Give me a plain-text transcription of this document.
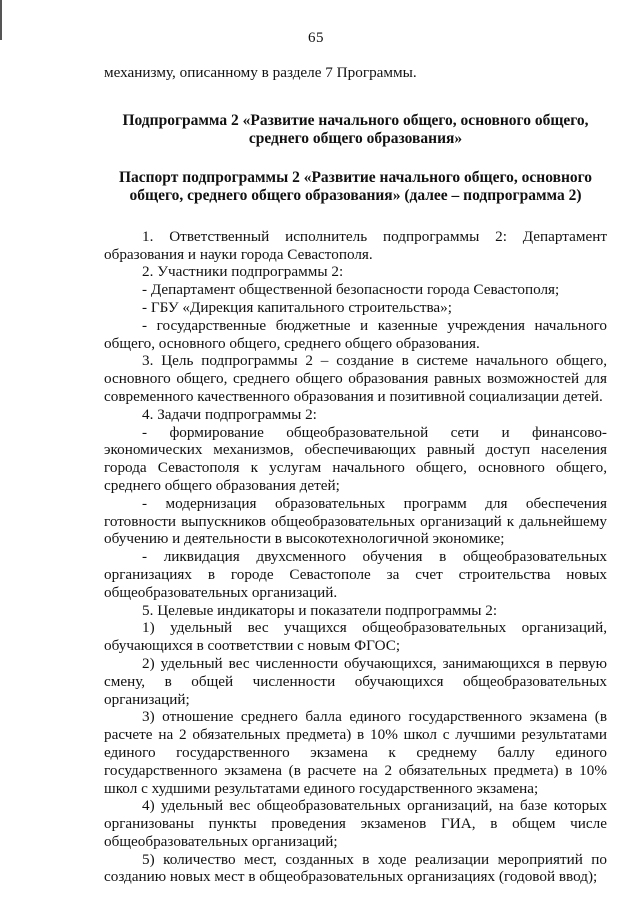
65

механизму, описанному в разделе 7 Программы.

Подпрограмма 2 «Развитие начального общего, основного общего, среднего общего образования»

Паспорт подпрограммы 2 «Развитие начального общего, основного общего, среднего общего образования» (далее – подпрограмма 2)

1. Ответственный исполнитель подпрограммы 2: Департамент образования и науки города Севастополя.

2. Участники подпрограммы 2:

- Департамент общественной безопасности города Севастополя;

- ГБУ «Дирекция капитального строительства»;

- государственные бюджетные и казенные учреждения начального общего, основного общего, среднего общего образования.

3. Цель подпрограммы 2 – создание в системе начального общего, основного общего, среднего общего образования равных возможностей для современного качественного образования и позитивной социализации детей.

4. Задачи подпрограммы 2:

- формирование общеобразовательной сети и финансово-экономических механизмов, обеспечивающих равный доступ населения города Севастополя к услугам начального общего, основного общего, среднего общего образования детей;

- модернизация образовательных программ для обеспечения готовности выпускников общеобразовательных организаций к дальнейшему обучению и деятельности в высокотехнологичной экономике;

- ликвидация двухсменного обучения в общеобразовательных организациях в городе Севастополе за счет строительства новых общеобразовательных организаций.

5. Целевые индикаторы и показатели подпрограммы 2:

1) удельный вес учащихся общеобразовательных организаций, обучающихся в соответствии с новым ФГОС;

2) удельный вес численности обучающихся, занимающихся в первую смену, в общей численности обучающихся общеобразовательных организаций;

3) отношение среднего балла единого государственного экзамена (в расчете на 2 обязательных предмета) в 10% школ с лучшими результатами единого государственного экзамена к среднему баллу единого государственного экзамена (в расчете на 2 обязательных предмета) в 10% школ с худшими результатами единого государственного экзамена;

4) удельный вес общеобразовательных организаций, на базе которых организованы пункты проведения экзаменов ГИА, в общем числе общеобразовательных организаций;

5) количество мест, созданных в ходе реализации мероприятий по созданию новых мест в общеобразовательных организациях (годовой ввод);
